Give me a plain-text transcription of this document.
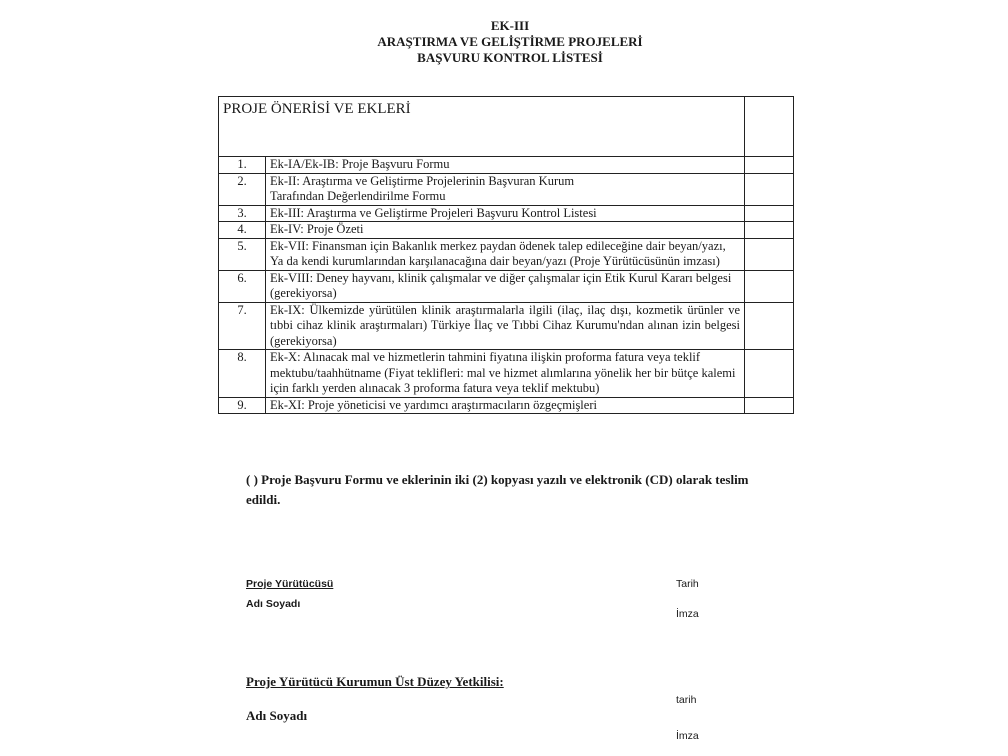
EK-III
ARAŞTIRMA VE GELİŞTİRME PROJELERİ
BAŞVURU KONTROL LİSTESİ
PROJE ÖNERİSİ VE EKLERİ		
1.	Ek-IA/Ek-IB: Proje Başvuru Formu	
2.	Ek-II: Araştırma ve Geliştirme Projelerinin Başvuran Kurum Tarafından Değerlendirilme Formu	
3.	Ek-III: Araştırma ve Geliştirme Projeleri Başvuru Kontrol Listesi	
4.	Ek-IV: Proje Özeti	
5.	Ek-VII: Finansman için Bakanlık merkez paydan ödenek talep edileceğine dair beyan/yazı, Ya da kendi kurumlarından karşılanacağına dair beyan/yazı (Proje Yürütücüsünün imzası)	
6.	Ek-VIII: Deney hayvanı, klinik çalışmalar ve diğer çalışmalar için Etik Kurul Kararı belgesi (gerekiyorsa)	
7.	Ek-IX: Ülkemizde yürütülen klinik araştırmalarla ilgili (ilaç, ilaç dışı, kozmetik ürünler ve tıbbi cihaz klinik araştırmaları) Türkiye İlaç ve Tıbbi Cihaz Kurumu'ndan alınan izin belgesi (gerekiyorsa)	
8.	Ek-X: Alınacak mal ve hizmetlerin tahmini fiyatına ilişkin proforma fatura veya teklif mektubu/taahhütname (Fiyat teklifleri: mal ve hizmet alımlarına yönelik her bir bütçe kalemi için farklı yerden alınacak 3 proforma fatura veya teklif mektubu)	
9.	Ek-XI: Proje yöneticisi ve yardımcı araştırmacıların özgeçmişleri	
( ) Proje Başvuru Formu ve eklerinin iki (2) kopyası yazılı ve elektronik (CD) olarak teslim edildi.
Proje Yürütücüsü
Adı Soyadı
Tarih
İmza
Proje Yürütücü Kurumun Üst Düzey Yetkilisi:
Adı Soyadı
tarih
İmza
